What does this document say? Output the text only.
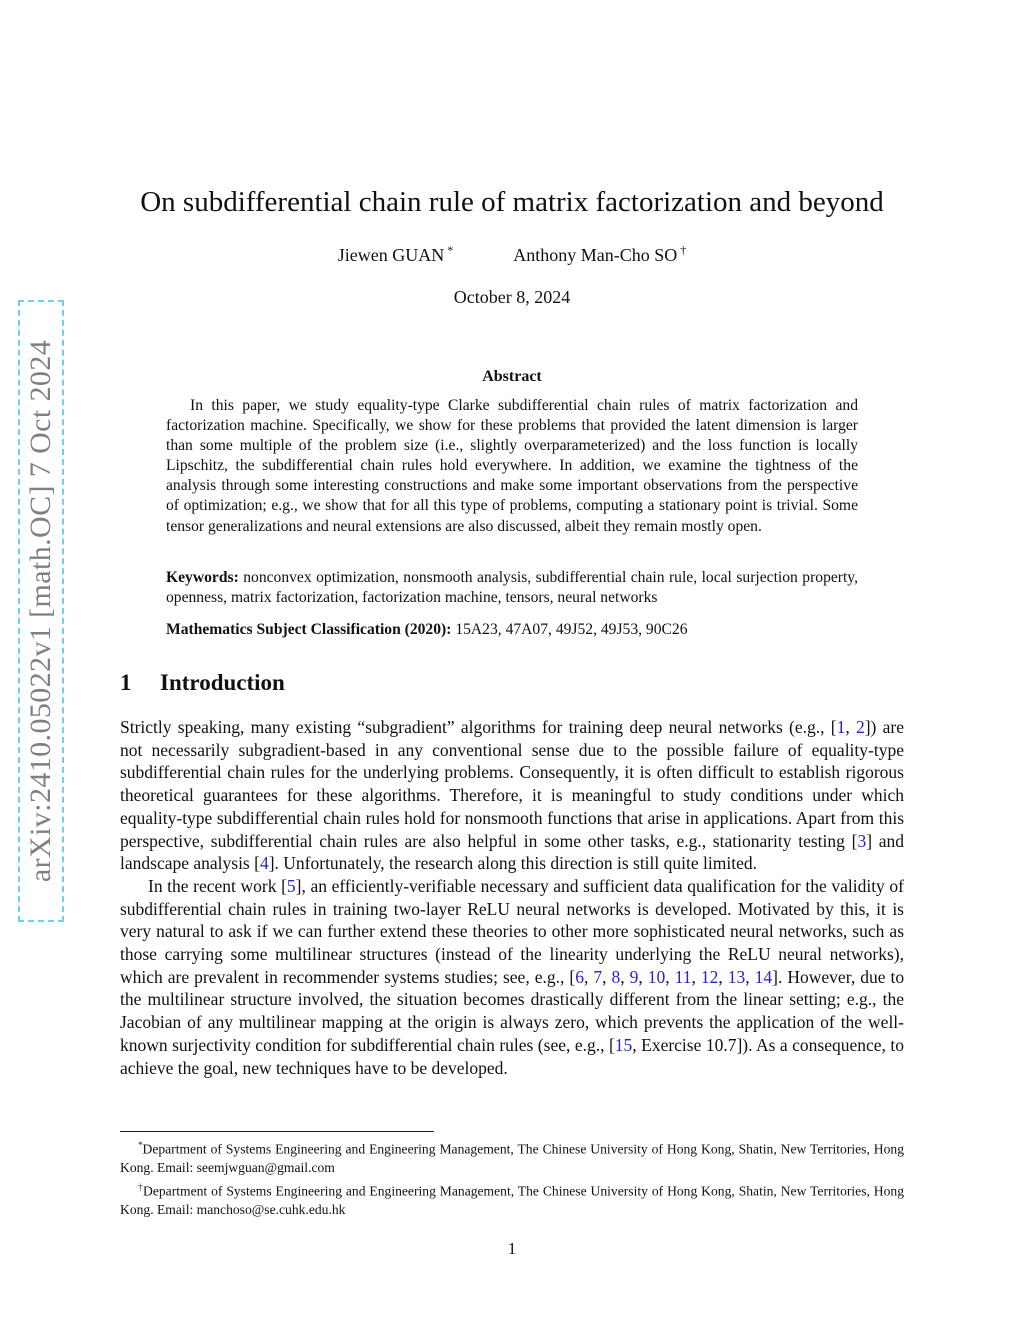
arXiv:2410.05022v1 [math.OC] 7 Oct 2024
On subdifferential chain rule of matrix factorization and beyond
Jiewen GUAN *	Anthony Man-Cho SO †
October 8, 2024
Abstract

In this paper, we study equality-type Clarke subdifferential chain rules of matrix factorization and factorization machine. Specifically, we show for these problems that provided the latent dimension is larger than some multiple of the problem size (i.e., slightly overparameterized) and the loss function is locally Lipschitz, the subdifferential chain rules hold everywhere. In addition, we examine the tightness of the analysis through some interesting constructions and make some important observations from the perspective of optimization; e.g., we show that for all this type of problems, computing a stationary point is trivial. Some tensor generalizations and neural extensions are also discussed, albeit they remain mostly open.

Keywords: nonconvex optimization, nonsmooth analysis, subdifferential chain rule, local surjection property, openness, matrix factorization, factorization machine, tensors, neural networks

Mathematics Subject Classification (2020): 15A23, 47A07, 49J52, 49J53, 90C26

1 Introduction

Strictly speaking, many existing “subgradient” algorithms for training deep neural networks (e.g., [1, 2]) are not necessarily subgradient-based in any conventional sense due to the possible failure of equality-type subdifferential chain rules for the underlying problems. Consequently, it is often difficult to establish rigorous theoretical guarantees for these algorithms. Therefore, it is meaningful to study conditions under which equality-type subdifferential chain rules hold for nonsmooth functions that arise in applications. Apart from this perspective, subdifferential chain rules are also helpful in some other tasks, e.g., stationarity testing [3] and landscape analysis [4]. Unfortunately, the research along this direction is still quite limited.

In the recent work [5], an efficiently-verifiable necessary and sufficient data qualification for the validity of subdifferential chain rules in training two-layer ReLU neural networks is developed. Motivated by this, it is very natural to ask if we can further extend these theories to other more sophisticated neural networks, such as those carrying some multilinear structures (instead of the linearity underlying the ReLU neural networks), which are prevalent in recommender systems studies; see, e.g., [6, 7, 8, 9, 10, 11, 12, 13, 14]. However, due to the multilinear structure involved, the situation becomes drastically different from the linear setting; e.g., the Jacobian of any multilinear mapping at the origin is always zero, which prevents the application of the well-known surjectivity condition for subdifferential chain rules (see, e.g., [15, Exercise 10.7]). As a consequence, to achieve the goal, new techniques have to be developed.

*Department of Systems Engineering and Engineering Management, The Chinese University of Hong Kong, Shatin, New Territories, Hong Kong. Email: seemjwguan@gmail.com

†Department of Systems Engineering and Engineering Management, The Chinese University of Hong Kong, Shatin, New Territories, Hong Kong. Email: manchoso@se.cuhk.edu.hk

1
